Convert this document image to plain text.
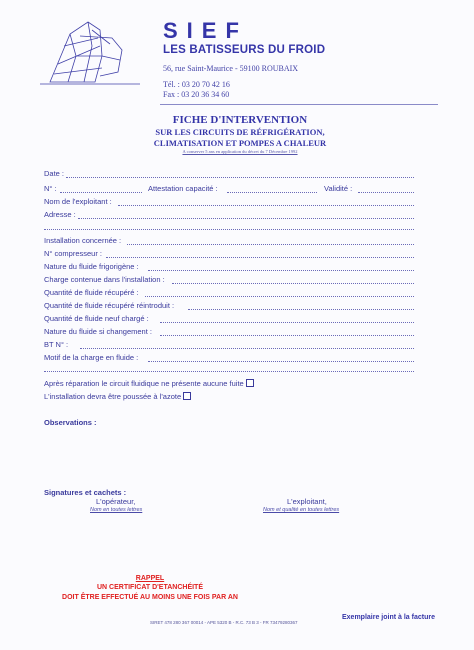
SIEF
LES BATISSEURS DU FROID
56, rue Saint-Maurice - 59100 ROUBAIX
Tél. : 03 20 70 42 16
Fax : 03 20 36 34 60
FICHE D'INTERVENTION
SUR LES CIRCUITS DE RÉFRIGÉRATION,
CLIMATISATION ET POMPES A CHALEUR
A conserver 5 ans en application du décret du 7 Décembre 1992
Date :
N° :	Attestation capacité :	Validité :
Nom de l'exploitant :
Adresse :
Installation concernée :
N° compresseur :
Nature du fluide frigorigène :
Charge contenue dans l'installation :
Quantité de fluide récupéré :
Quantité de fluide récupéré réintroduit :
Quantité de fluide neuf chargé :
Nature du fluide si changement :
BT N° :
Motif de la charge en fluide :
Après réparation le circuit fluidique ne présente aucune fuite
L'installation devra être poussée à l'azote
Observations :
Signatures et cachets :
L'opérateur,
Nom en toutes lettres
L'exploitant,
Nom et qualité en toutes lettres
RAPPEL
UN CERTIFICAT D'ETANCHÉITÉ
DOIT ÊTRE EFFECTUÉ AU MOINS UNE FOIS PAR AN
SIRET 478 280 367 00014 - APE 5320 B - R.C. 73 B 3 - FR 73479280367
Exemplaire joint à la facture
